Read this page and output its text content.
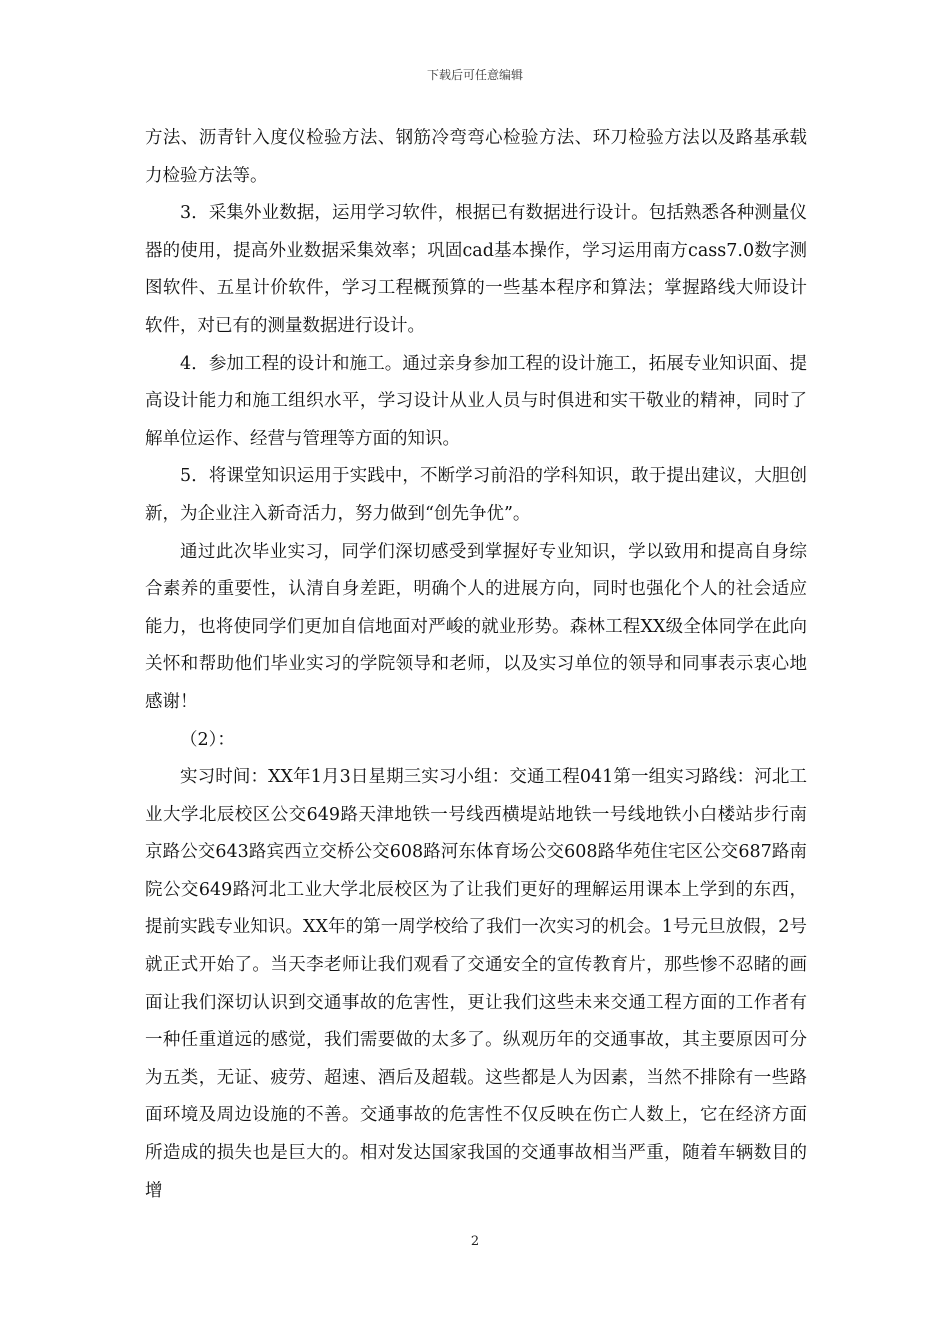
下载后可任意编辑

方法、沥青针入度仪检验方法、钢筋冷弯弯心检验方法、环刀检验方法以及路基承载力检验方法等。

3．采集外业数据，运用学习软件，根据已有数据进行设计。包括熟悉各种测量仪器的使用，提高外业数据采集效率；巩固cad基本操作，学习运用南方cass7.0数字测图软件、五星计价软件，学习工程概预算的一些基本程序和算法；掌握路线大师设计软件，对已有的测量数据进行设计。

4．参加工程的设计和施工。通过亲身参加工程的设计施工，拓展专业知识面、提高设计能力和施工组织水平，学习设计从业人员与时俱进和实干敬业的精神，同时了解单位运作、经营与管理等方面的知识。

5．将课堂知识运用于实践中，不断学习前沿的学科知识，敢于提出建议，大胆创新，为企业注入新奇活力，努力做到“创先争优”。

通过此次毕业实习，同学们深切感受到掌握好专业知识，学以致用和提高自身综合素养的重要性，认清自身差距，明确个人的进展方向，同时也强化个人的社会适应能力，也将使同学们更加自信地面对严峻的就业形势。森林工程XX级全体同学在此向关怀和帮助他们毕业实习的学院领导和老师，以及实习单位的领导和同事表示衷心地感谢！

（2）：

实习时间：XX年1月3日星期三实习小组：交通工程041第一组实习路线：河北工业大学北辰校区公交649路天津地铁一号线西横堤站地铁一号线地铁小白楼站步行南京路公交643路宾西立交桥公交608路河东体育场公交608路华苑住宅区公交687路南院公交649路河北工业大学北辰校区为了让我们更好的理解运用课本上学到的东西，提前实践专业知识。XX年的第一周学校给了我们一次实习的机会。1号元旦放假，2号就正式开始了。当天李老师让我们观看了交通安全的宣传教育片，那些惨不忍睹的画面让我们深切认识到交通事故的危害性，更让我们这些未来交通工程方面的工作者有一种任重道远的感觉，我们需要做的太多了。纵观历年的交通事故，其主要原因可分为五类，无证、疲劳、超速、酒后及超载。这些都是人为因素，当然不排除有一些路面环境及周边设施的不善。交通事故的危害性不仅反映在伤亡人数上，它在经济方面所造成的损失也是巨大的。相对发达国家我国的交通事故相当严重，随着车辆数目的增

2
